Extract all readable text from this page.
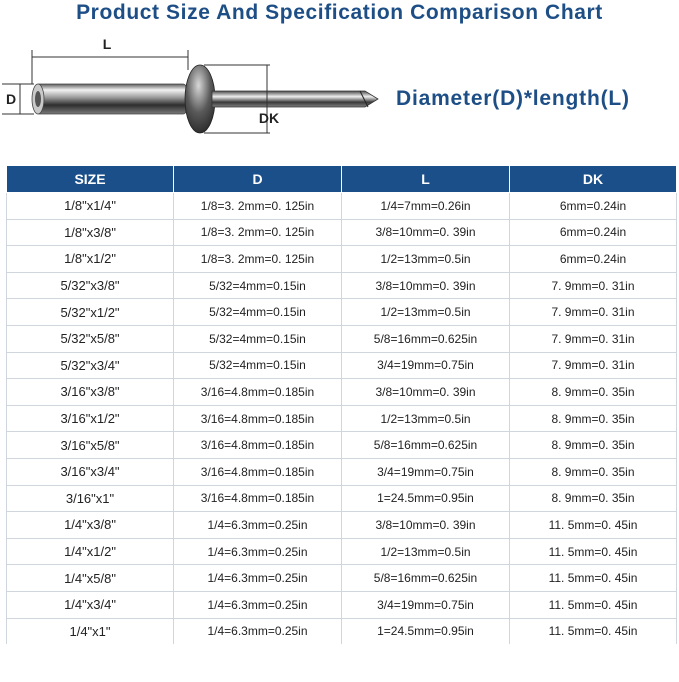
Product Size And Specification Comparison Chart
L
D
DK
Diameter(D)*length(L)
SIZE	D	L	DK
1/8"x1/4"	1/8=3. 2mm=0. 125in	1/4=7mm=0.26in	6mm=0.24in
1/8"x3/8"	1/8=3. 2mm=0. 125in	3/8=10mm=0. 39in	6mm=0.24in
1/8"x1/2"	1/8=3. 2mm=0. 125in	1/2=13mm=0.5in	6mm=0.24in
5/32"x3/8"	5/32=4mm=0.15in	3/8=10mm=0. 39in	7. 9mm=0. 31in
5/32"x1/2"	5/32=4mm=0.15in	1/2=13mm=0.5in	7. 9mm=0. 31in
5/32"x5/8"	5/32=4mm=0.15in	5/8=16mm=0.625in	7. 9mm=0. 31in
5/32"x3/4"	5/32=4mm=0.15in	3/4=19mm=0.75in	7. 9mm=0. 31in
3/16"x3/8"	3/16=4.8mm=0.185in	3/8=10mm=0. 39in	8. 9mm=0. 35in
3/16"x1/2"	3/16=4.8mm=0.185in	1/2=13mm=0.5in	8. 9mm=0. 35in
3/16"x5/8"	3/16=4.8mm=0.185in	5/8=16mm=0.625in	8. 9mm=0. 35in
3/16"x3/4"	3/16=4.8mm=0.185in	3/4=19mm=0.75in	8. 9mm=0. 35in
3/16"x1"	3/16=4.8mm=0.185in	1=24.5mm=0.95in	8. 9mm=0. 35in
1/4"x3/8"	1/4=6.3mm=0.25in	3/8=10mm=0. 39in	11. 5mm=0. 45in
1/4"x1/2"	1/4=6.3mm=0.25in	1/2=13mm=0.5in	11. 5mm=0. 45in
1/4"x5/8"	1/4=6.3mm=0.25in	5/8=16mm=0.625in	11. 5mm=0. 45in
1/4"x3/4"	1/4=6.3mm=0.25in	3/4=19mm=0.75in	11. 5mm=0. 45in
1/4"x1"	1/4=6.3mm=0.25in	1=24.5mm=0.95in	11. 5mm=0. 45in
